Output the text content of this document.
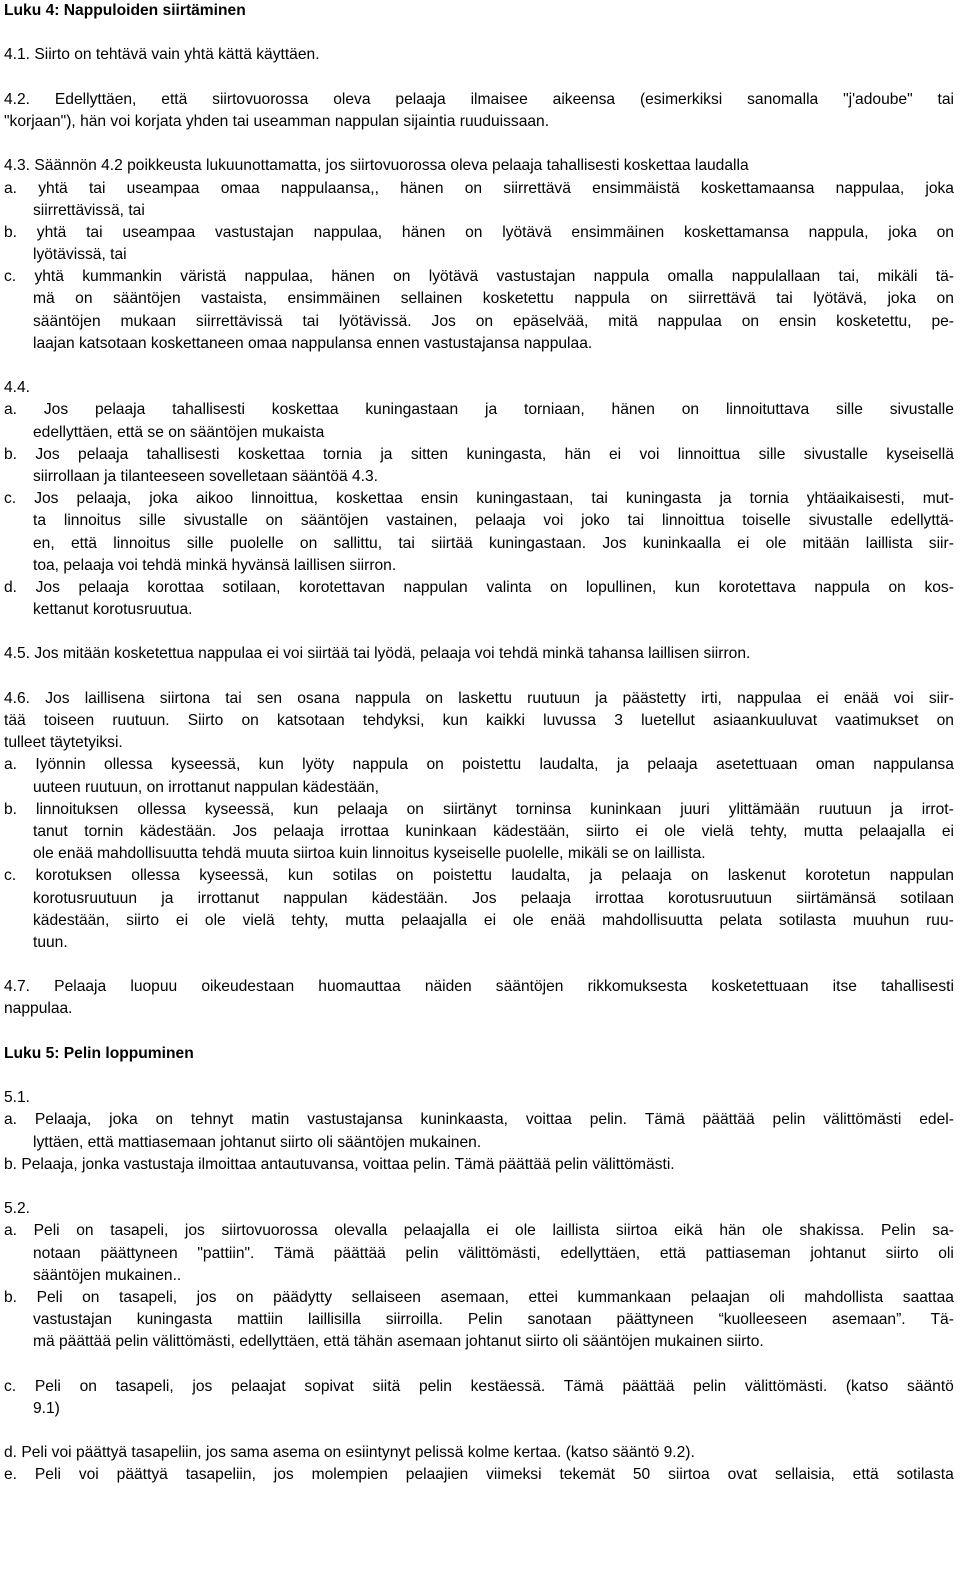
Luku 4: Nappuloiden siirtäminen
4.1. Siirto on tehtävä vain yhtä kättä käyttäen.
4.2. Edellyttäen, että siirtovuorossa oleva pelaaja ilmaisee aikeensa (esimerkiksi sanomalla "j'adoube" tai
"korjaan"), hän voi korjata yhden tai useamman nappulan sijaintia ruuduissaan.
4.3. Säännön 4.2 poikkeusta lukuunottamatta, jos siirtovuorossa oleva pelaaja tahallisesti koskettaa laudalla
a. yhtä tai useampaa omaa nappulaansa,, hänen on siirrettävä ensimmäistä koskettamaansa nappulaa, joka
siirrettävissä, tai
b. yhtä tai useampaa vastustajan nappulaa, hänen on lyötävä ensimmäinen koskettamansa nappula, joka on
lyötävissä, tai
c. yhtä kummankin väristä nappulaa, hänen on lyötävä vastustajan nappula omalla nappulallaan tai, mikäli tä-
mä on sääntöjen vastaista, ensimmäinen sellainen kosketettu nappula on siirrettävä tai lyötävä, joka on
sääntöjen mukaan siirrettävissä tai lyötävissä. Jos on epäselvää, mitä nappulaa on ensin kosketettu, pe-
laajan katsotaan koskettaneen omaa nappulansa ennen vastustajansa nappulaa.
4.4.
a. Jos pelaaja tahallisesti koskettaa kuningastaan ja torniaan, hänen on linnoituttava sille sivustalle
edellyttäen, että se on sääntöjen mukaista
b. Jos pelaaja tahallisesti koskettaa tornia ja sitten kuningasta, hän ei voi linnoittua sille sivustalle kyseisellä
siirrollaan ja tilanteeseen sovelletaan sääntöä 4.3.
c. Jos pelaaja, joka aikoo linnoittua, koskettaa ensin kuningastaan, tai kuningasta ja tornia yhtäaikaisesti, mut-
ta linnoitus sille sivustalle on sääntöjen vastainen, pelaaja voi joko tai linnoittua toiselle sivustalle edellyttä-
en, että linnoitus sille puolelle on sallittu, tai siirtää kuningastaan. Jos kuninkaalla ei ole mitään laillista siir-
toa, pelaaja voi tehdä minkä hyvänsä laillisen siirron.
d. Jos pelaaja korottaa sotilaan, korotettavan nappulan valinta on lopullinen, kun korotettava nappula on kos-
kettanut korotusruutua.
4.5. Jos mitään kosketettua nappulaa ei voi siirtää tai lyödä, pelaaja voi tehdä minkä tahansa laillisen siirron.
4.6. Jos laillisena siirtona tai sen osana nappula on laskettu ruutuun ja päästetty irti, nappulaa ei enää voi siir-
tää toiseen ruutuun. Siirto on katsotaan tehdyksi, kun kaikki luvussa 3 luetellut asiaankuuluvat vaatimukset on
tulleet täytetyiksi.
a. Iyönnin ollessa kyseessä, kun lyöty nappula on poistettu laudalta, ja pelaaja asetettuaan oman nappulansa
uuteen ruutuun, on irrottanut nappulan kädestään,
b. linnoituksen ollessa kyseessä, kun pelaaja on siirtänyt torninsa kuninkaan juuri ylittämään ruutuun ja irrot-
tanut tornin kädestään. Jos pelaaja irrottaa kuninkaan kädestään, siirto ei ole vielä tehty, mutta pelaajalla ei
ole enää mahdollisuutta tehdä muuta siirtoa kuin linnoitus kyseiselle puolelle, mikäli se on laillista.
c. korotuksen ollessa kyseessä, kun sotilas on poistettu laudalta, ja pelaaja on laskenut korotetun nappulan
korotusruutuun ja irrottanut nappulan kädestään. Jos pelaaja irrottaa korotusruutuun siirtämänsä sotilaan
kädestään, siirto ei ole vielä tehty, mutta pelaajalla ei ole enää mahdollisuutta pelata sotilasta muuhun ruu-
tuun.
4.7. Pelaaja luopuu oikeudestaan huomauttaa näiden sääntöjen rikkomuksesta kosketettuaan itse tahallisesti
nappulaa.
Luku 5: Pelin loppuminen
5.1.
a. Pelaaja, joka on tehnyt matin vastustajansa kuninkaasta, voittaa pelin. Tämä päättää pelin välittömästi edel-
lyttäen, että mattiasemaan johtanut siirto oli sääntöjen mukainen.
b. Pelaaja, jonka vastustaja ilmoittaa antautuvansa, voittaa pelin. Tämä päättää pelin välittömästi.
5.2.
a. Peli on tasapeli, jos siirtovuorossa olevalla pelaajalla ei ole laillista siirtoa eikä hän ole shakissa. Pelin sa-
notaan päättyneen "pattiin". Tämä päättää pelin välittömästi, edellyttäen, että pattiaseman johtanut siirto oli
sääntöjen mukainen..
b. Peli on tasapeli, jos on päädytty sellaiseen asemaan, ettei kummankaan pelaajan oli mahdollista saattaa
vastustajan kuningasta mattiin laillisilla siirroilla. Pelin sanotaan päättyneen “kuolleeseen asemaan”. Tä-
mä päättää pelin välittömästi, edellyttäen, että tähän asemaan johtanut siirto oli sääntöjen mukainen siirto.
c. Peli on tasapeli, jos pelaajat sopivat siitä pelin kestäessä. Tämä päättää pelin välittömästi. (katso sääntö
9.1)
d. Peli voi päättyä tasapeliin, jos sama asema on esiintynyt pelissä kolme kertaa. (katso sääntö 9.2).
e. Peli voi päättyä tasapeliin, jos molempien pelaajien viimeksi tekemät 50 siirtoa ovat sellaisia, että sotilasta
